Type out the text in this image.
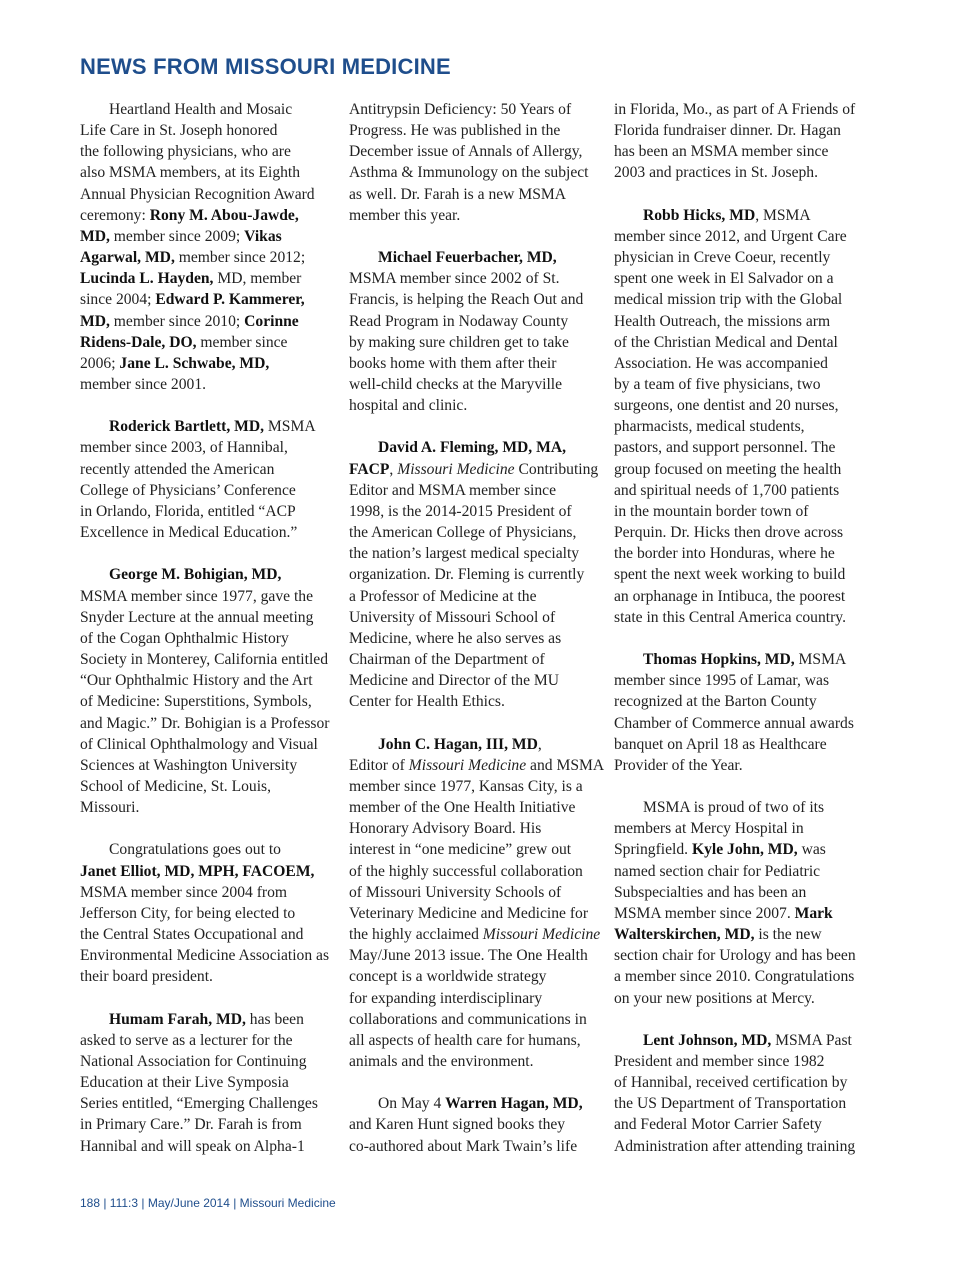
NEWS FROM MISSOURI MEDICINE
Heartland Health and Mosaic
Life Care in St. Joseph honored
the following physicians, who are
also MSMA members, at its Eighth
Annual Physician Recognition Award
ceremony: Rony M. Abou-Jawde,
MD, member since 2009; Vikas
Agarwal, MD, member since 2012;
Lucinda L. Hayden, MD, member
since 2004; Edward P. Kammerer,
MD, member since 2010; Corinne
Ridens-Dale, DO, member since
2006; Jane L. Schwabe, MD,
member since 2001.
Roderick Bartlett, MD, MSMA
member since 2003, of Hannibal,
recently attended the American
College of Physicians’ Conference
in Orlando, Florida, entitled “ACP
Excellence in Medical Education.”
George M. Bohigian, MD,
MSMA member since 1977, gave the
Snyder Lecture at the annual meeting
of the Cogan Ophthalmic History
Society in Monterey, California entitled
“Our Ophthalmic History and the Art
of Medicine: Superstitions, Symbols,
and Magic.” Dr. Bohigian is a Professor
of Clinical Ophthalmology and Visual
Sciences at Washington University
School of Medicine, St. Louis,
Missouri.
Congratulations goes out to
Janet Elliot, MD, MPH, FACOEM,
MSMA member since 2004 from
Jefferson City, for being elected to
the Central States Occupational and
Environmental Medicine Association as
their board president.
Humam Farah, MD, has been
asked to serve as a lecturer for the
National Association for Continuing
Education at their Live Symposia
Series entitled, “Emerging Challenges
in Primary Care.” Dr. Farah is from
Hannibal and will speak on Alpha-1
Antitrypsin Deficiency: 50 Years of
Progress. He was published in the
December issue of Annals of Allergy,
Asthma & Immunology on the subject
as well. Dr. Farah is a new MSMA
member this year.
Michael Feuerbacher, MD,
MSMA member since 2002 of St.
Francis, is helping the Reach Out and
Read Program in Nodaway County
by making sure children get to take
books home with them after their
well-child checks at the Maryville
hospital and clinic.
David A. Fleming, MD, MA,
FACP, Missouri Medicine Contributing
Editor and MSMA member since
1998, is the 2014-2015 President of
the American College of Physicians,
the nation’s largest medical specialty
organization. Dr. Fleming is currently
a Professor of Medicine at the
University of Missouri School of
Medicine, where he also serves as
Chairman of the Department of
Medicine and Director of the MU
Center for Health Ethics.
John C. Hagan, III, MD,
Editor of Missouri Medicine and MSMA
member since 1977, Kansas City, is a
member of the One Health Initiative
Honorary Advisory Board. His
interest in “one medicine” grew out
of the highly successful collaboration
of Missouri University Schools of
Veterinary Medicine and Medicine for
the highly acclaimed Missouri Medicine
May/June 2013 issue. The One Health
concept is a worldwide strategy
for expanding interdisciplinary
collaborations and communications in
all aspects of health care for humans,
animals and the environment.
On May 4 Warren Hagan, MD,
and Karen Hunt signed books they
co-authored about Mark Twain’s life
in Florida, Mo., as part of A Friends of
Florida fundraiser dinner. Dr. Hagan
has been an MSMA member since
2003 and practices in St. Joseph.
Robb Hicks, MD, MSMA
member since 2012, and Urgent Care
physician in Creve Coeur, recently
spent one week in El Salvador on a
medical mission trip with the Global
Health Outreach, the missions arm
of the Christian Medical and Dental
Association. He was accompanied
by a team of five physicians, two
surgeons, one dentist and 20 nurses,
pharmacists, medical students,
pastors, and support personnel. The
group focused on meeting the health
and spiritual needs of 1,700 patients
in the mountain border town of
Perquin. Dr. Hicks then drove across
the border into Honduras, where he
spent the next week working to build
an orphanage in Intibuca, the poorest
state in this Central America country.
Thomas Hopkins, MD, MSMA
member since 1995 of Lamar, was
recognized at the Barton County
Chamber of Commerce annual awards
banquet on April 18 as Healthcare
Provider of the Year.
MSMA is proud of two of its
members at Mercy Hospital in
Springfield. Kyle John, MD, was
named section chair for Pediatric
Subspecialties and has been an
MSMA member since 2007. Mark
Walterskirchen, MD, is the new
section chair for Urology and has been
a member since 2010. Congratulations
on your new positions at Mercy.
Lent Johnson, MD, MSMA Past
President and member since 1982
of Hannibal, received certification by
the US Department of Transportation
and Federal Motor Carrier Safety
Administration after attending training
188 | 111:3 | May/June 2014 | Missouri Medicine
